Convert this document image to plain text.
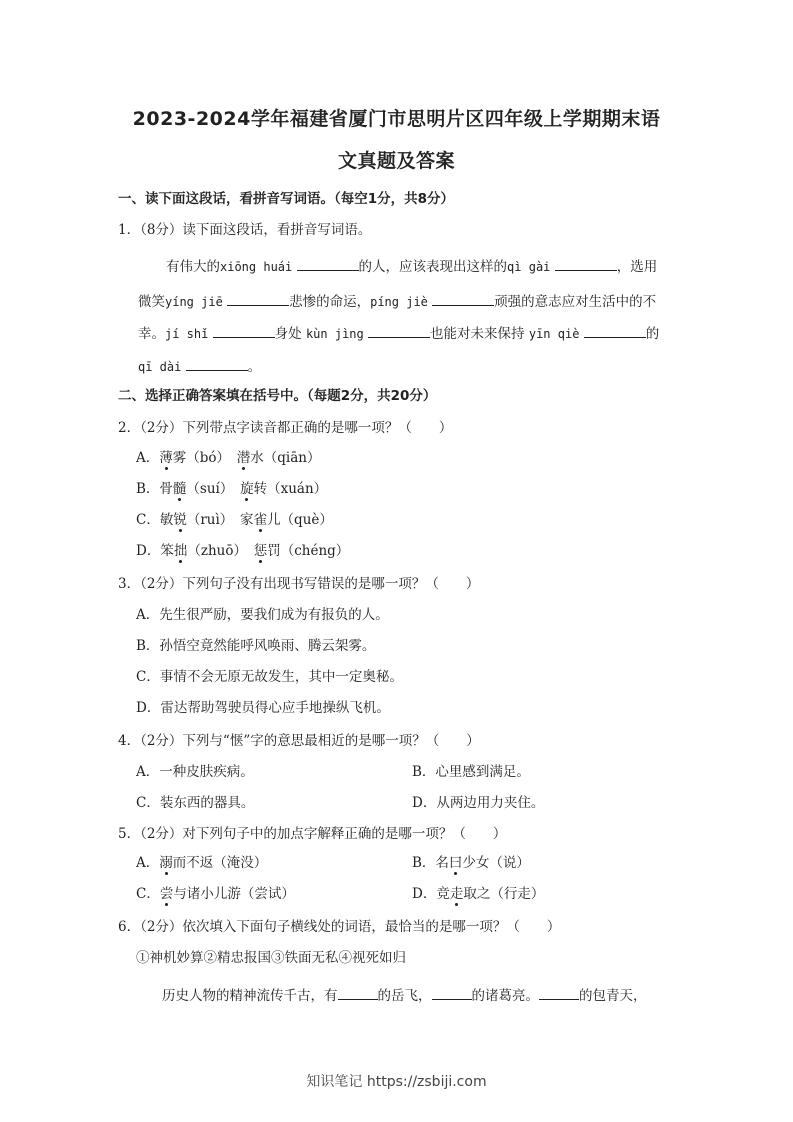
2023-2024学年福建省厦门市思明片区四年级上学期期末语
文真题及答案
一、读下面这段话，看拼音写词语。（每空1分，共8分）
1．（8分）读下面这段话，看拼音写词语。
有伟大的xiōng huái	的人，应该表现出这样的qì gài	，选用
微笑yíng jiē	悲惨的命运，píng jiè	顽强的意志应对生活中的不
幸。jí shǐ	身处 kùn jìng	也能对未来保持 yīn qiè	的
qī dài	。
二、选择正确答案填在括号中。（每题2分，共20分）
2．（2分）下列带点字读音都正确的是哪一项？（　　）
A．薄雾（bó）　潜水（qiān）
B．骨髓（suí）　旋转（xuán）
C．敏锐（ruì）　家雀儿（què）
D．笨拙（zhuō）　惩罚（chéng）
3．（2分）下列句子没有出现书写错误的是哪一项？（　　）
A．先生很严励，要我们成为有报负的人。
B．孙悟空竟然能呼风唤雨、腾云架雾。
C．事情不会无原无故发生，其中一定奥秘。
D．雷达帮助驾驶员得心应手地操纵飞机。
4．（2分）下列与“惬”字的意思最相近的是哪一项？（　　）
A．一种皮肤疾病。	B．心里感到满足。
C．装东西的器具。	D．从两边用力夹住。
5．（2分）对下列句子中的加点字解释正确的是哪一项？（　　）
A．溺而不返（淹没）	B．名曰少女（说）
C．尝与诸小儿游（尝试）	D．竞走取之（行走）
6．（2分）依次填入下面句子横线处的词语，最恰当的是哪一项？（　　）
①神机妙算②精忠报国③铁面无私④视死如归
历史人物的精神流传千古，有	的岳飞，	的诸葛亮。	的包青天，
知识笔记 https://zsbiji.com
